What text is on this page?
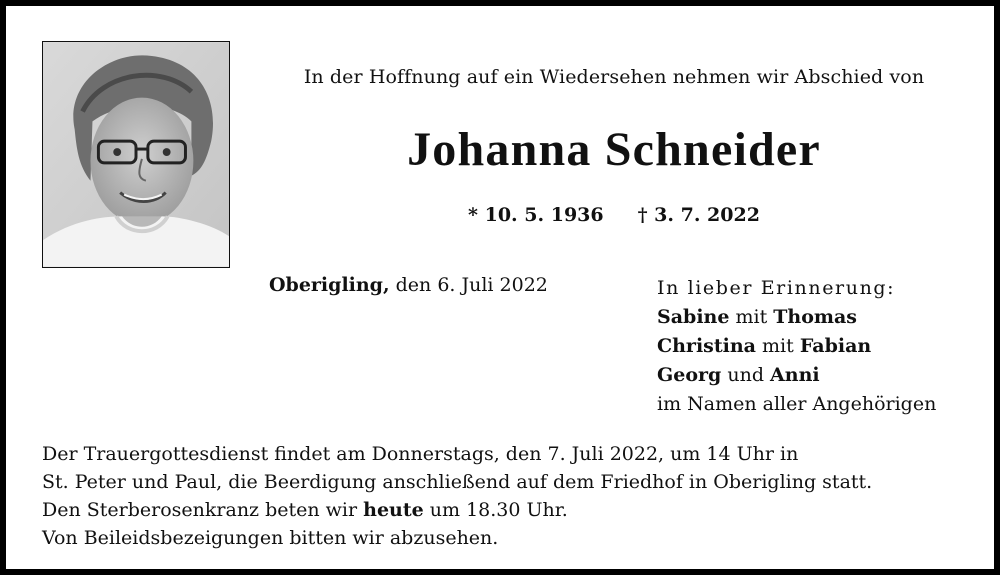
In der Hoffnung auf ein Wiedersehen nehmen wir Abschied von
Johanna Schneider
* 10. 5. 1936 † 3. 7. 2022
Oberigling, den 6. Juli 2022	In lieber Erinnerung:
Sabine mit Thomas
Christina mit Fabian
Georg und Anni
im Namen aller Angehörigen
Der Trauergottesdienst findet am Donnerstags, den 7. Juli 2022, um 14 Uhr in
St. Peter und Paul, die Beerdigung anschließend auf dem Friedhof in Oberigling statt.
Den Sterberosenkranz beten wir heute um 18.30 Uhr.
Von Beileidsbezeigungen bitten wir abzusehen.
